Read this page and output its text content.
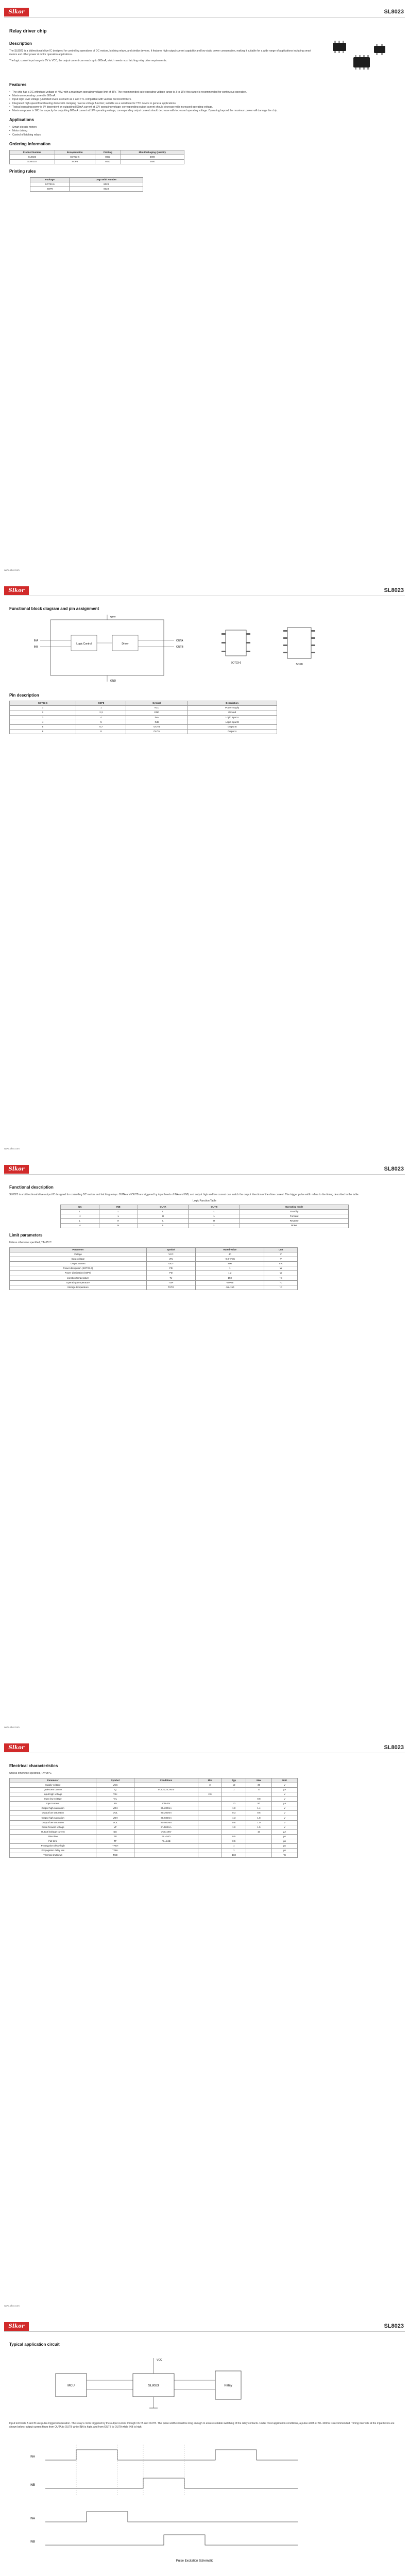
Slkor	SL8023
Relay driver chip
Description

The SL8023 is a bidirectional drive IC designed for controlling operations of DC motors, latching relays, and similar devices. It features high output current capability and low static power consumption, making it suitable for a wide range of applications including smart meters and other power & motor operation applications.

The logic control input range is 0V to VCC; the output current can reach up to 800mA, which meets most latching relay drive requirements.

Features
• The chip has a DC withstand voltage of 40V, with a maximum operating voltage limit of 36V. The recommended safe operating voltage range is 3 to 16V; this range is recommended for continuous operation.
• Maximum operating current is 800mA.
• Input logic level voltage (unlimited levels as much as 3 and TTL compatible with various microcontrollers.
• Integrated high-speed freewheeling diode with clamping reverse voltage function; suitable as a substitute for TTD device in general applications.
• Typical operating power is 5V dependent on outputting 800mA current at 12V operating voltage; corresponding output current should decrease with increased operating voltage.
• Maximum power is 1W; the capacity for outputting 800mA current at 12V operating voltage, corresponding output current should decrease with increased operating voltage. Operating beyond the maximum power will damage the chip.
Applications
• Smart electric meters
• Motor driving
• Control of latching relays
Ordering information
Product Number	Encapsulation	Printing	Mini-Packaging Quantity
SL8023	SOT23-6	8023	3000
SL8023S	SOP8	8023	2500
Printing rules
Package	Logo With Number
SOT23-6	8023
SOP8	8023
www.slkor.com
Slkor	SL8023
Functional block diagram and pin assignment
Logic Control	Driver
INA
INB
OUTA
OUTB
VCC
GND
SOT23-6	SOP8
Pin description
SOT23-6	SOP8	Symbol	Description
1	1	VCC	Power supply
2	2,3	GND	Ground
3	4	INA	Logic input A
4	5	INB	Logic input B
5	6,7	OUTB	Output B
6	8	OUTA	Output A
www.slkor.com
Slkor	SL8023
Functional description

SL8023 is a bidirectional drive output IC designed for controlling DC motors and latching relays. OUTA and OUTB are triggered by input levels of INA and INB, and output high and low current can switch the output direction of the drive current. The trigger pulse width refers to the timing described in the table.

Logic Function Table
INA	INB	OUTA	OUTB	Operating mode
L	L	L	L	Standby
H	L	H	L	Forward
L	H	L	H	Reverse
H	H	L	L	Brake
Limit parameters

Unless otherwise specified, TA=25°C

Parameter	Symbol	Rated Value	Unit
Voltage	VCC	40	V
Input voltage	VIN	-0.3~VCC	V
Output current	IOUT	800	mA
Power dissipation (SOT23-6)	PD	1	W
Power dissipation (SOP8)	PD	1.2	W
Junction temperature	TJ	150	°C
Operating temperature	TOP	-40~85	°C
Storage temperature	TSTG	-55~150	°C
www.slkor.com
Slkor	SL8023
Electrical characteristics

Unless otherwise specified, TA=25°C

Parameter	Symbol	Conditions	Min	Typ	Max	Unit
Supply voltage	VCC		3	12	36	V
Quiescent current	IQ	VCC=12V, IN=0		1	5	μA
Input high voltage	VIH		2.0			V
Input low voltage	VIL				0.8	V
Input current	IIN	VIN=5V		10	50	μA
Output high saturation	VOH	IO=200mA		1.0	1.4	V
Output low saturation	VOL	IO=200mA		0.3	0.6	V
Output high saturation	VOH	IO=500mA		1.3	1.8	V
Output low saturation	VOL	IO=500mA		0.6	1.0	V
Diode forward voltage	VF	IF=500mA		1.0	1.5	V
Output leakage current	ILK	VCC=36V			10	μA
Rise time	TR	RL=24Ω		0.5		μs
Fall time	TF	RL=24Ω		0.5		μs
Propagation delay high	TPLH			1		μs
Propagation delay low	TPHL			1		μs
Thermal shutdown	TSD			160		°C
www.slkor.com
Slkor	SL8023
Typical application circuit
SL8023
MCU	Relay
VCC

Input terminals A and B use pulse-triggered operation. The relay's coil is triggered by the output current through OUTA and OUTB. The pulse width should be long enough to ensure reliable switching of the relay contacts. Under most application conditions, a pulse width of 50–100ms is recommended. Timing intervals at the input levels are shown below: output current flows from OUTA to OUTB while INA is high, and from OUTB to OUTA while INB is high.

INA
INB
INA
INB
Pulse Excitation Schematic
